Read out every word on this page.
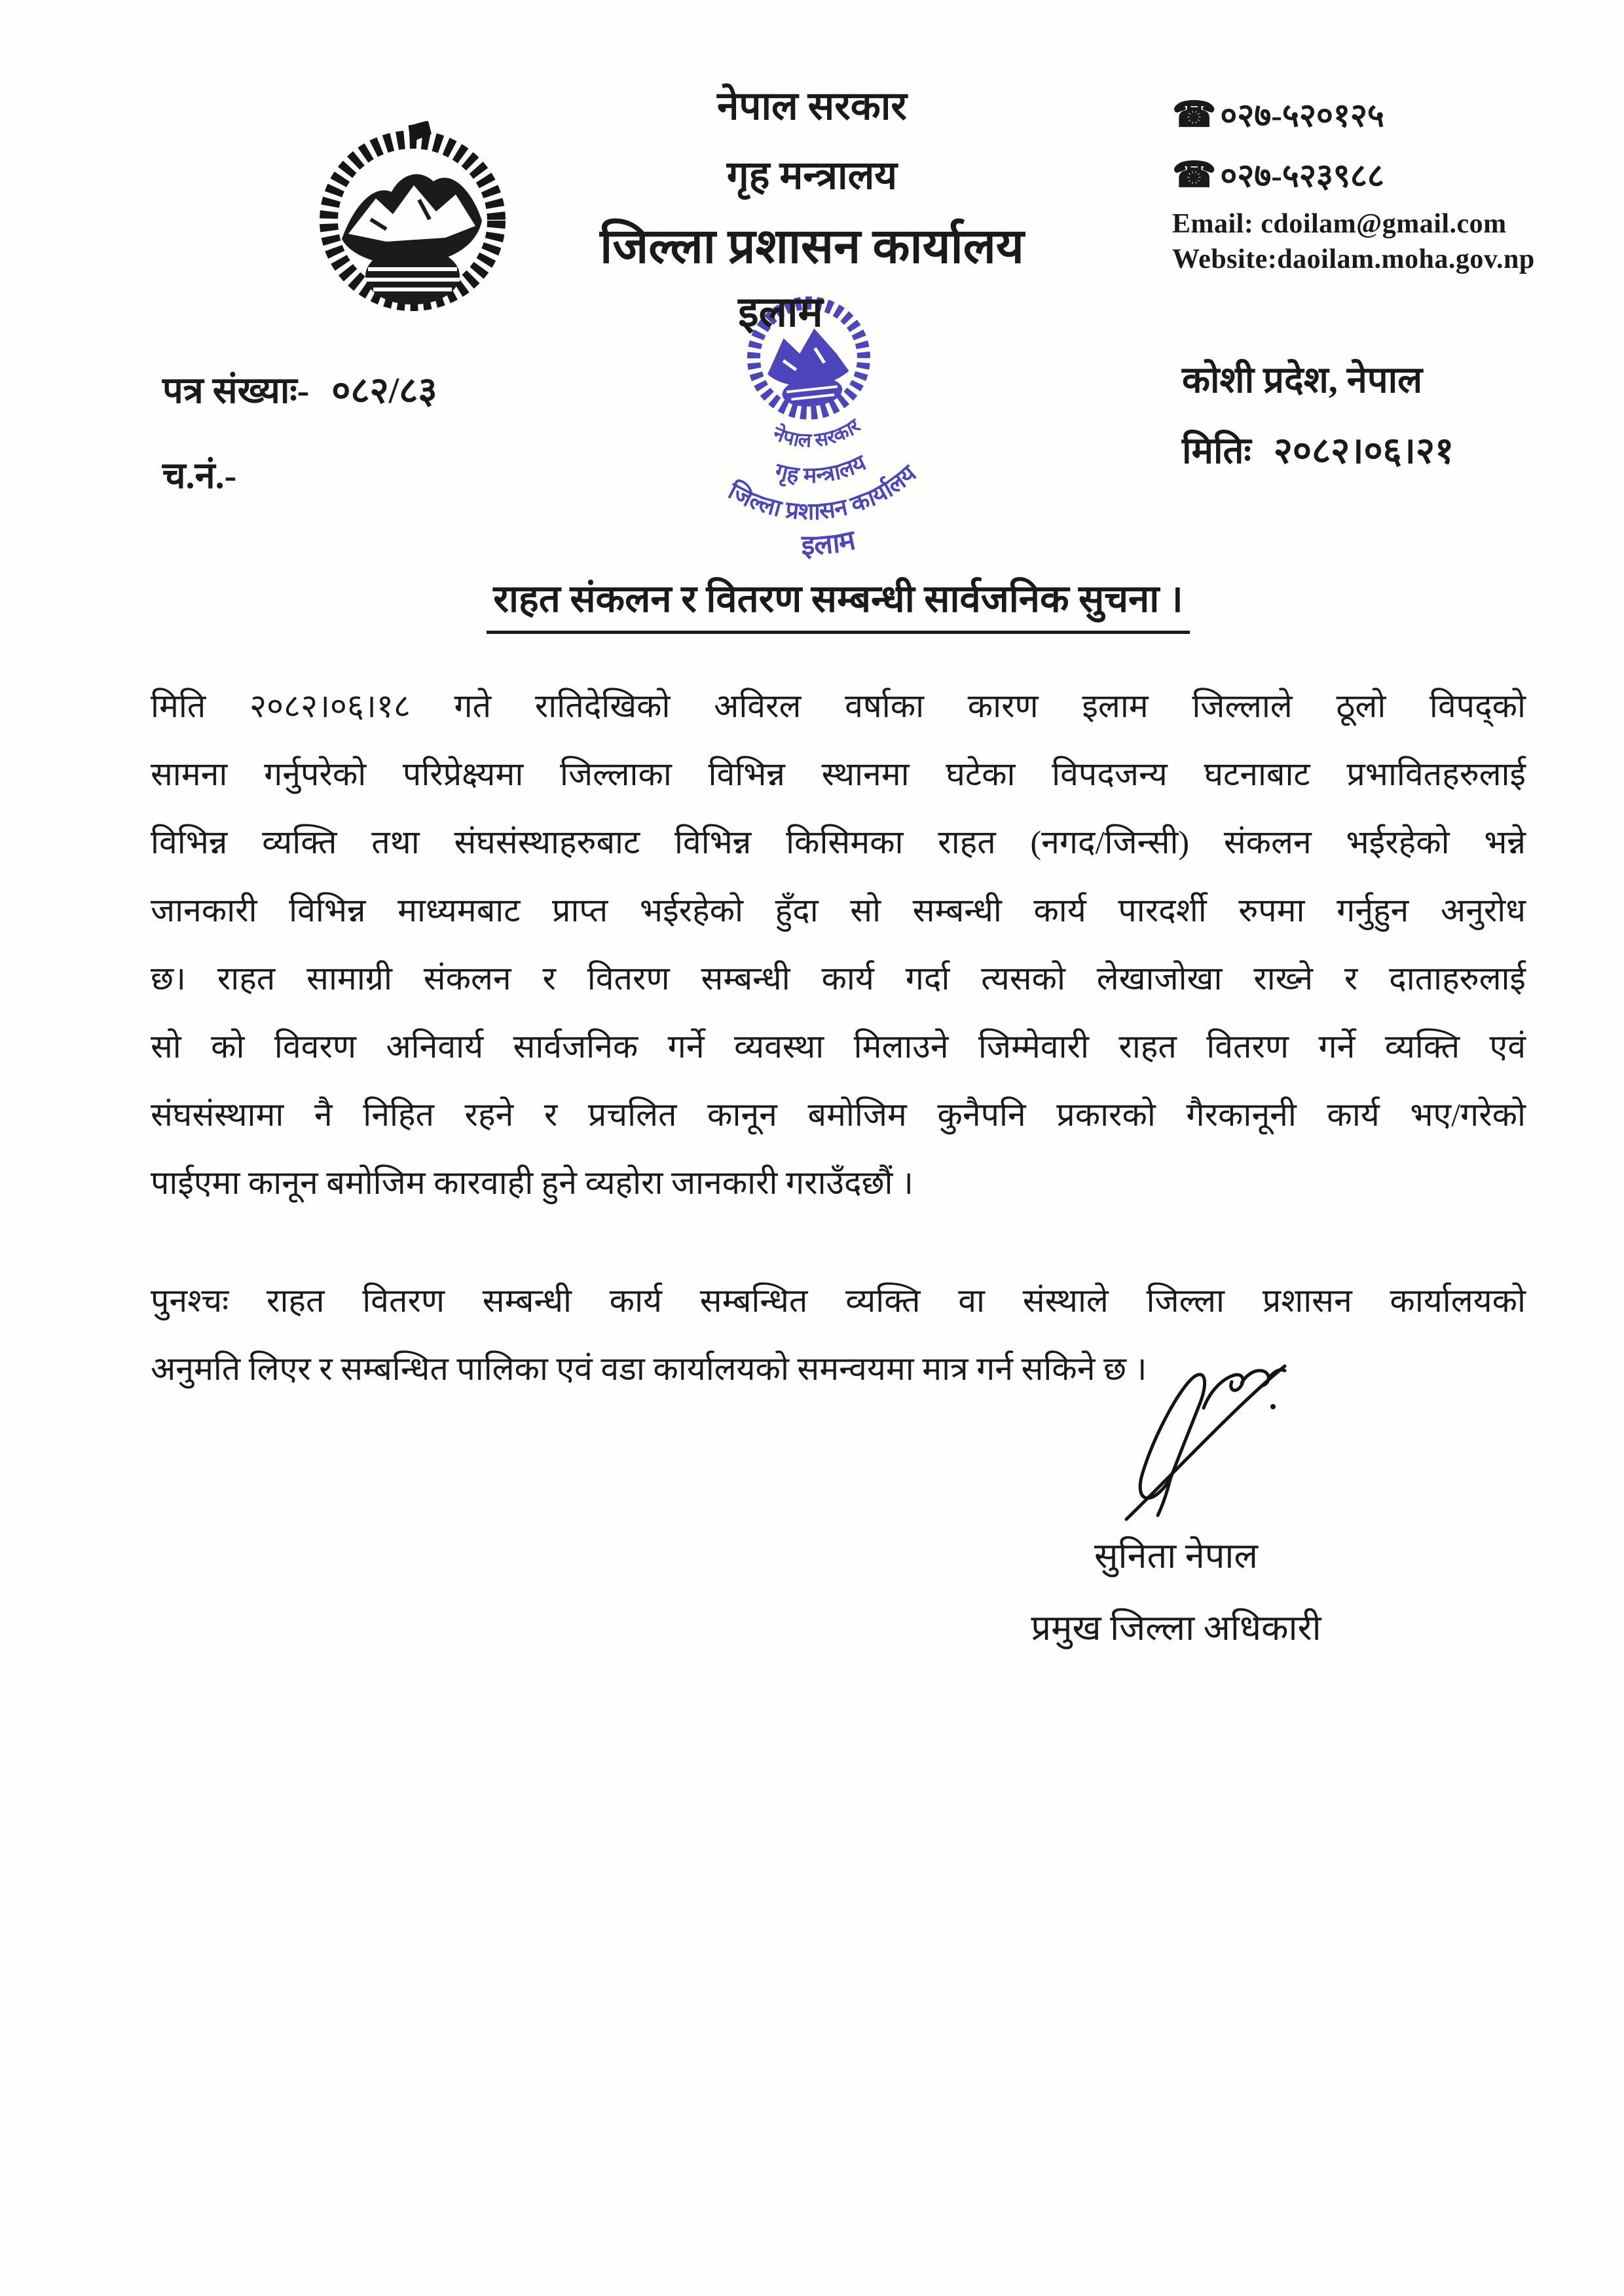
नेपाल सरकार
गृह मन्त्रालय
जिल्ला प्रशासन कार्यालय
इलाम
☎ ०२७-५२०१२५
☎ ०२७-५२३९८८
Email: cdoilam@gmail.com
Website:daoilam.moha.gov.np
पत्र संख्याः- ०८२/८३
च.नं.-
कोशी प्रदेश, नेपाल
मितिः २०८२।०६।२१
नेपाल सरकार
गृह मन्त्रालय
जिल्ला प्रशासन कार्यालय
इलाम
राहत संकलन र वितरण सम्बन्धी सार्वजनिक सुचना ।
मिति २०८२।०६।१८ गते रातिदेखिको अविरल वर्षाका कारण इलाम जिल्लाले ठूलो विपद्को
सामना गर्नुपरेको परिप्रेक्ष्यमा जिल्लाका विभिन्न स्थानमा घटेका विपदजन्य घटनाबाट प्रभावितहरुलाई
विभिन्न व्यक्ति तथा संघसंस्थाहरुबाट विभिन्न किसिमका राहत (नगद/जिन्सी) संकलन भईरहेको भन्ने
जानकारी विभिन्न माध्यमबाट प्राप्त भईरहेको हुँदा सो सम्बन्धी कार्य पारदर्शी रुपमा गर्नुहुन अनुरोध
छ। राहत सामाग्री संकलन र वितरण सम्बन्धी कार्य गर्दा त्यसको लेखाजोखा राख्ने र दाताहरुलाई
सो को विवरण अनिवार्य सार्वजनिक गर्ने व्यवस्था मिलाउने जिम्मेवारी राहत वितरण गर्ने व्यक्ति एवं
संघसंस्थामा नै निहित रहने र प्रचलित कानून बमोजिम कुनैपनि प्रकारको गैरकानूनी कार्य भए/गरेको
पाईएमा कानून बमोजिम कारवाही हुने व्यहोरा जानकारी गराउँदछौं ।
पुनश्चः राहत वितरण सम्बन्धी कार्य सम्बन्धित व्यक्ति वा संस्थाले जिल्ला प्रशासन कार्यालयको
अनुमति लिएर र सम्बन्धित पालिका एवं वडा कार्यालयको समन्वयमा मात्र गर्न सकिने छ ।
सुनिता नेपाल
प्रमुख जिल्ला अधिकारी
